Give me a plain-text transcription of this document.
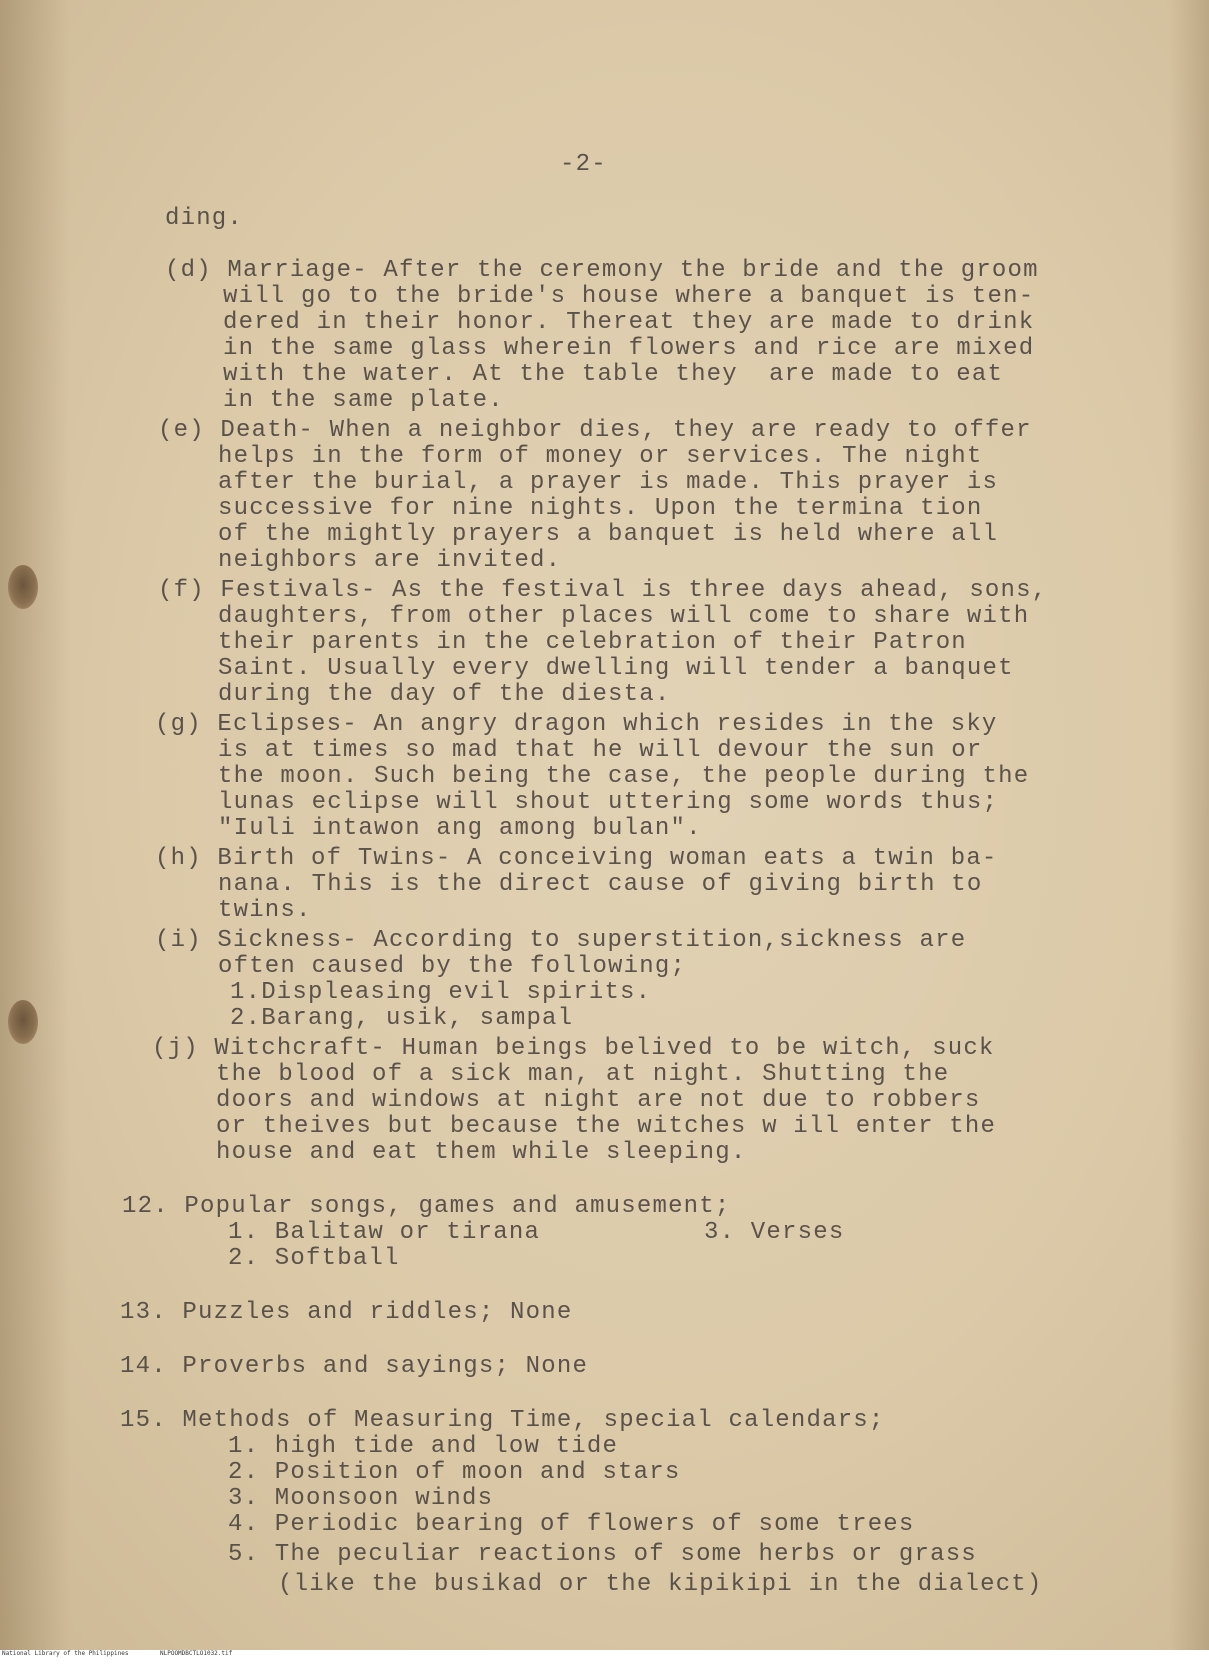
-2-
ding.
(d) Marriage- After the ceremony the bride and the groom
will go to the bride's house where a banquet is ten-
dered in their honor. Thereat they are made to drink
in the same glass wherein flowers and rice are mixed
with the water. At the table they  are made to eat
in the same plate.
(e) Death- When a neighbor dies, they are ready to offer
helps in the form of money or services. The night
after the burial, a prayer is made. This prayer is
successive for nine nights. Upon the termina tion
of the mightly prayers a banquet is held where all
neighbors are invited.
(f) Festivals- As the festival is three days ahead, sons,
daughters, from other places will come to share with
their parents in the celebration of their Patron
Saint. Usually every dwelling will tender a banquet
during the day of the diesta.
(g) Eclipses- An angry dragon which resides in the sky
is at times so mad that he will devour the sun or
the moon. Such being the case, the people during the
lunas eclipse will shout uttering some words thus;
"Iuli intawon ang among bulan".
(h) Birth of Twins- A conceiving woman eats a twin ba-
nana. This is the direct cause of giving birth to
twins.
(i) Sickness- According to superstition,sickness are
often caused by the following;
1.Displeasing evil spirits.
2.Barang, usik, sampal
(j) Witchcraft- Human beings belived to be witch, suck
the blood of a sick man, at night. Shutting the
doors and windows at night are not due to robbers
or theives but because the witches w ill enter the
house and eat them while sleeping.
12. Popular songs, games and amusement;
1. Balitaw or tirana	3. Verses
2. Softball
13. Puzzles and riddles; None
14. Proverbs and sayings; None
15. Methods of Measuring Time, special calendars;
1. high tide and low tide
2. Position of moon and stars
3. Moonsoon winds
4. Periodic bearing of flowers of some trees
5. The peculiar reactions of some herbs or grass
(like the busikad or the kipikipi in the dialect)

National Library of the Philippines

	NLPOOMDBCTLO1032.tif
